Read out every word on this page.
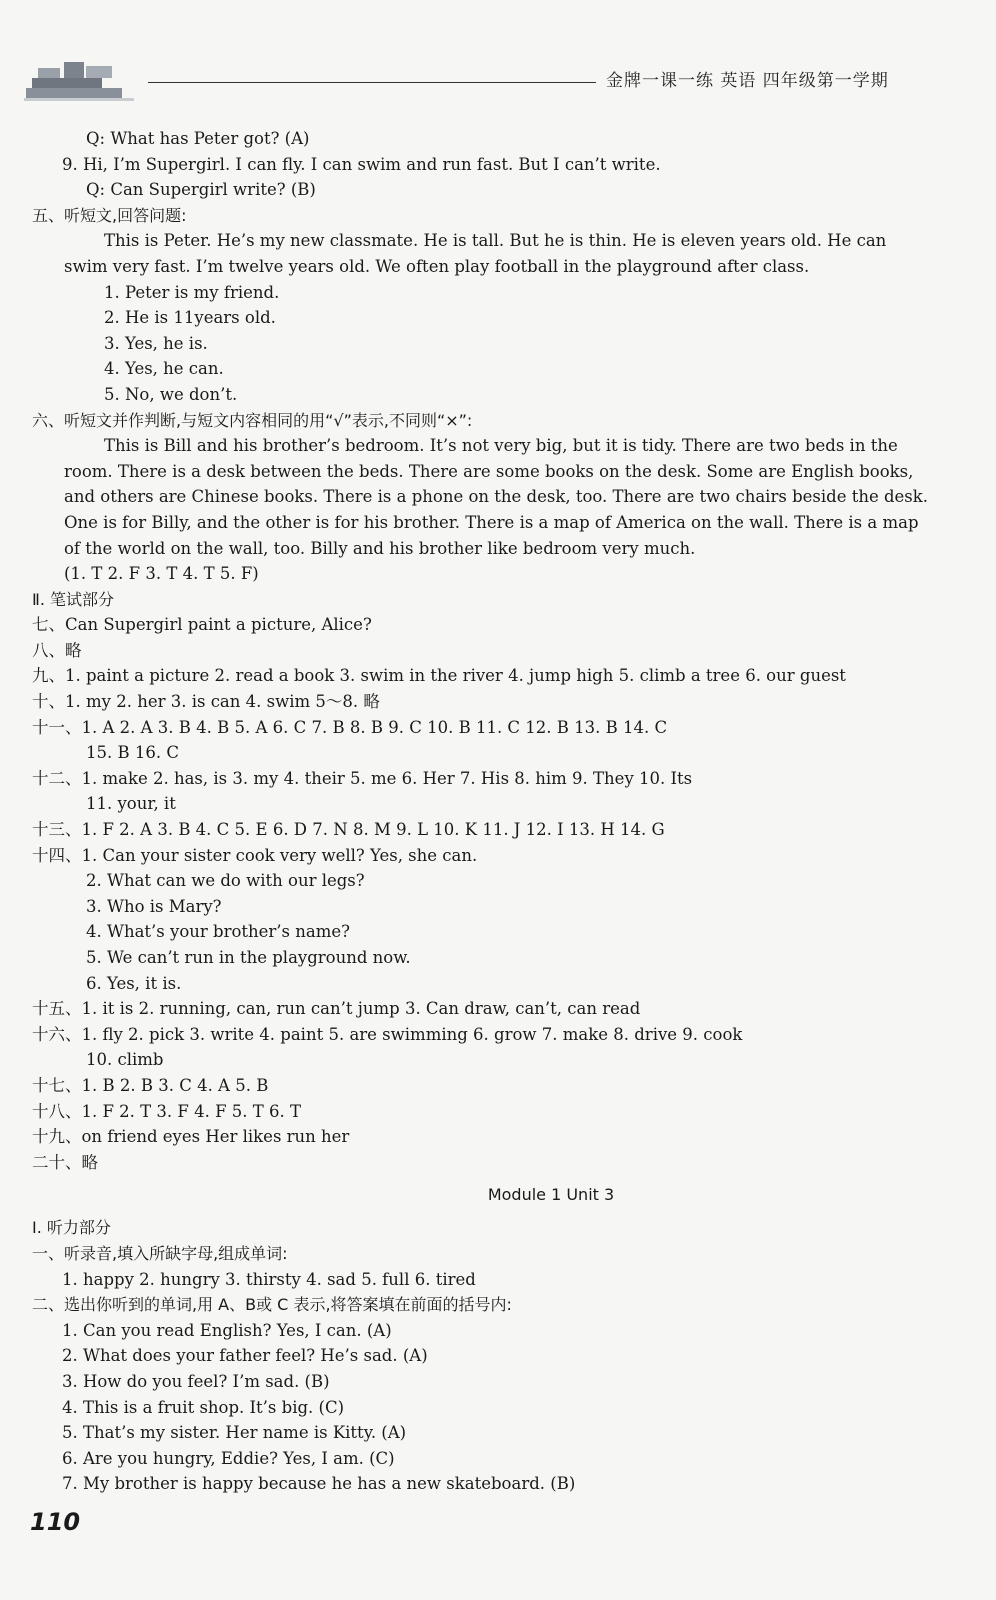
金牌一课一练 英语 四年级第一学期
Q: What has Peter got? (A)
9. Hi, I’m Supergirl. I can fly. I can swim and run fast. But I can’t write.
Q: Can Supergirl write? (B)
五、听短文,回答问题:
This is Peter. He’s my new classmate. He is tall. But he is thin. He is eleven years old. He can
swim very fast. I’m twelve years old. We often play football in the playground after class.
1. Peter is my friend.
2. He is 11years old.
3. Yes, he is.
4. Yes, he can.
5. No, we don’t.
六、听短文并作判断,与短文内容相同的用“√”表示,不同则“×”:
This is Bill and his brother’s bedroom. It’s not very big, but it is tidy. There are two beds in the
room. There is a desk between the beds. There are some books on the desk. Some are English books,
and others are Chinese books. There is a phone on the desk, too. There are two chairs beside the desk.
One is for Billy, and the other is for his brother. There is a map of America on the wall. There is a map
of the world on the wall, too. Billy and his brother like bedroom very much.
(1. T 2. F 3. T 4. T 5. F)
Ⅱ. 笔试部分
七、Can Supergirl paint a picture, Alice?
八、略
九、1. paint a picture 2. read a book 3. swim in the river 4. jump high 5. climb a tree 6. our guest
十、1. my 2. her 3. is can 4. swim 5～8. 略
十一、1. A 2. A 3. B 4. B 5. A 6. C 7. B 8. B 9. C 10. B 11. C 12. B 13. B 14. C
15. B 16. C
十二、1. make 2. has, is 3. my 4. their 5. me 6. Her 7. His 8. him 9. They 10. Its
11. your, it
十三、1. F 2. A 3. B 4. C 5. E 6. D 7. N 8. M 9. L 10. K 11. J 12. I 13. H 14. G
十四、1. Can your sister cook very well? Yes, she can.
2. What can we do with our legs?
3. Who is Mary?
4. What’s your brother’s name?
5. We can’t run in the playground now.
6. Yes, it is.
十五、1. it is 2. running, can, run can’t jump 3. Can draw, can’t, can read
十六、1. fly 2. pick 3. write 4. paint 5. are swimming 6. grow 7. make 8. drive 9. cook
10. climb
十七、1. B 2. B 3. C 4. A 5. B
十八、1. F 2. T 3. F 4. F 5. T 6. T
十九、on friend eyes Her likes run her
二十、略
Module 1 Unit 3
Ⅰ. 听力部分
一、听录音,填入所缺字母,组成单词:
1. happy 2. hungry 3. thirsty 4. sad 5. full 6. tired
二、选出你听到的单词,用 A、B或 C 表示,将答案填在前面的括号内:
1. Can you read English? Yes, I can. (A)
2. What does your father feel? He’s sad. (A)
3. How do you feel? I’m sad. (B)
4. This is a fruit shop. It’s big. (C)
5. That’s my sister. Her name is Kitty. (A)
6. Are you hungry, Eddie? Yes, I am. (C)
7. My brother is happy because he has a new skateboard. (B)
110
